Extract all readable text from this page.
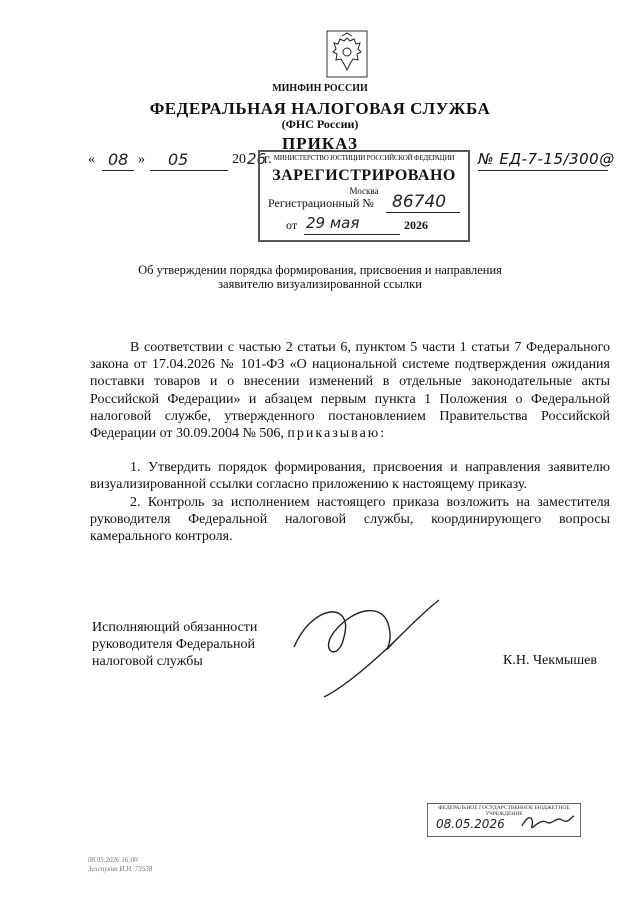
МИНФИН РОССИИ
ФЕДЕРАЛЬНАЯ НАЛОГОВАЯ СЛУЖБА
(ФНС России)
ПРИКАЗ
« 08 » 05	20 26
г.	№ ЕД-7-15/300@
МИНИСТЕРСТВО ЮСТИЦИИ РОССИЙСКОЙ ФЕДЕРАЦИИ
ЗАРЕГИСТРИРОВАНО
Москва
Регистрационный № 86740
от 29 мая	2026
Об утверждении порядка формирования, присвоения и направления
заявителю визуализированной ссылки

В соответствии с частью 2 статьи 6, пунктом 5 части 1 статьи 7 Федерального закона от 17.04.2026 № 101-ФЗ «О национальной системе подтверждения ожидания поставки товаров и о внесении изменений в отдельные законодательные акты Российской Федерации» и абзацем первым пункта 1 Положения о Федеральной налоговой службе, утвержденного постановлением Правительства Российской Федерации от 30.09.2004 № 506, приказываю:

1. Утвердить порядок формирования, присвоения и направления заявителю визуализированной ссылки согласно приложению к настоящему приказу.

2. Контроль за исполнением настоящего приказа возложить на заместителя руководителя Федеральной налоговой службы, координирующего вопросы камерального контроля.

Исполняющий обязанности
руководителя Федеральной
налоговой службы	К.Н. Чекмышев
ФЕДЕРАЛЬНОЕ ГОСУДАРСТВЕННОЕ БЮДЖЕТНОЕ УЧРЕЖДЕНИЕ
08.05.2026
08.05.2026 16:00
Зелепукин И.Н. 73538
